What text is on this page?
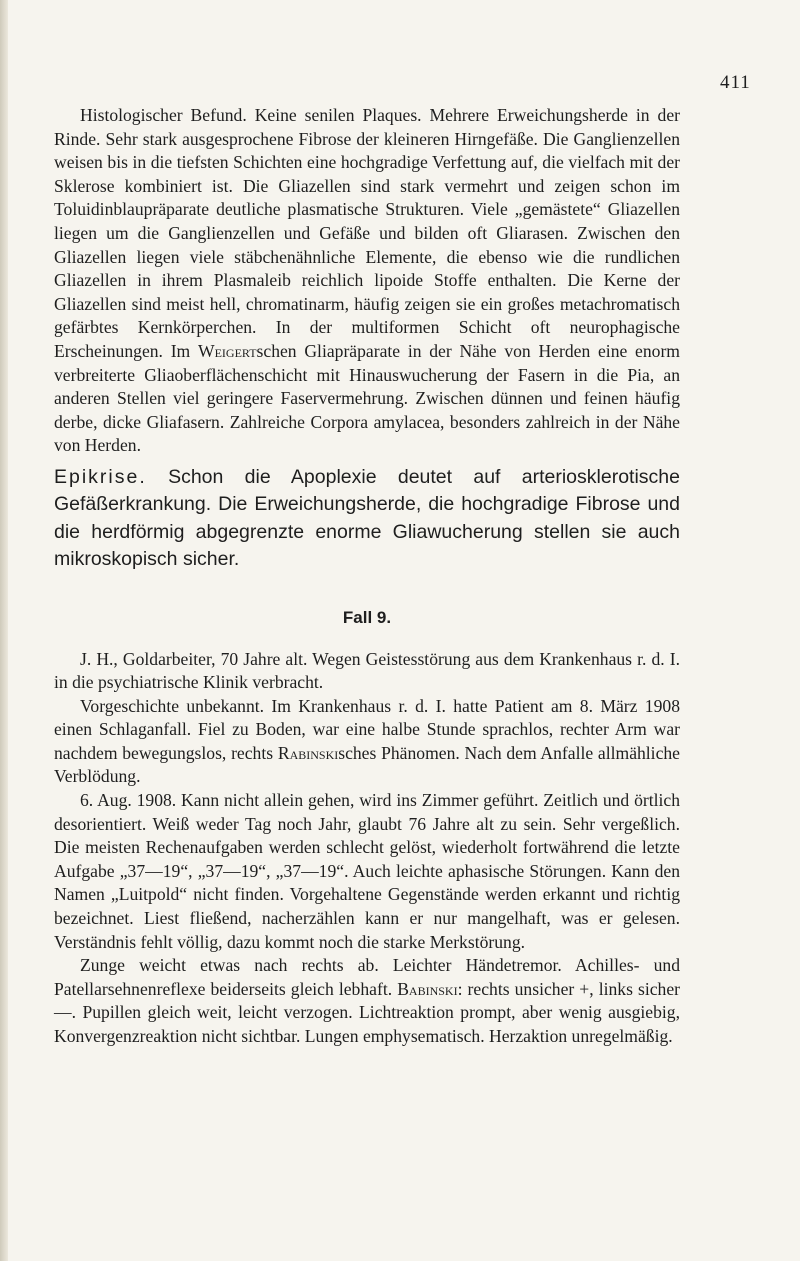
411

Histologischer Befund. Keine senilen Plaques. Mehrere Erweichungsherde in der Rinde. Sehr stark ausgesprochene Fibrose der kleineren Hirngefäße. Die Ganglienzellen weisen bis in die tiefsten Schichten eine hochgradige Verfettung auf, die vielfach mit der Sklerose kombiniert ist. Die Gliazellen sind stark vermehrt und zeigen schon im Toluidinblaupräparate deutliche plasmatische Strukturen. Viele „gemästete“ Gliazellen liegen um die Ganglienzellen und Gefäße und bilden oft Gliarasen. Zwischen den Gliazellen liegen viele stäbchenähnliche Elemente, die ebenso wie die rundlichen Gliazellen in ihrem Plasmaleib reichlich lipoide Stoffe enthalten. Die Kerne der Gliazellen sind meist hell, chromatinarm, häufig zeigen sie ein großes metachromatisch gefärbtes Kernkörperchen. In der multiformen Schicht oft neurophagische Erscheinungen. Im Weigertschen Gliapräparate in der Nähe von Herden eine enorm verbreiterte Gliaoberflächenschicht mit Hinauswucherung der Fasern in die Pia, an anderen Stellen viel geringere Faservermehrung. Zwischen dünnen und feinen häufig derbe, dicke Gliafasern. Zahlreiche Corpora amylacea, besonders zahlreich in der Nähe von Herden.

Epikrise. Schon die Apoplexie deutet auf arteriosklerotische Gefäßerkrankung. Die Erweichungsherde, die hochgradige Fibrose und die herdförmig abgegrenzte enorme Gliawucherung stellen sie auch mikroskopisch sicher.

Fall 9.

J. H., Goldarbeiter, 70 Jahre alt. Wegen Geistesstörung aus dem Krankenhaus r. d. I. in die psychiatrische Klinik verbracht.

Vorgeschichte unbekannt. Im Krankenhaus r. d. I. hatte Patient am 8. März 1908 einen Schlaganfall. Fiel zu Boden, war eine halbe Stunde sprachlos, rechter Arm war nachdem bewegungslos, rechts Rabinskisches Phänomen. Nach dem Anfalle allmähliche Verblödung.

6. Aug. 1908. Kann nicht allein gehen, wird ins Zimmer geführt. Zeitlich und örtlich desorientiert. Weiß weder Tag noch Jahr, glaubt 76 Jahre alt zu sein. Sehr vergeßlich. Die meisten Rechenaufgaben werden schlecht gelöst, wiederholt fortwährend die letzte Aufgabe „37—19“, „37—19“, „37—19“. Auch leichte aphasische Störungen. Kann den Namen „Luitpold“ nicht finden. Vorgehaltene Gegenstände werden erkannt und richtig bezeichnet. Liest fließend, nacherzählen kann er nur mangelhaft, was er gelesen. Verständnis fehlt völlig, dazu kommt noch die starke Merkstörung.

Zunge weicht etwas nach rechts ab. Leichter Händetremor. Achilles- und Patellarsehnenreflexe beiderseits gleich lebhaft. Babinski: rechts unsicher +, links sicher —. Pupillen gleich weit, leicht verzogen. Lichtreaktion prompt, aber wenig ausgiebig, Konvergenzreaktion nicht sichtbar. Lungen emphysematisch. Herzaktion unregelmäßig.
